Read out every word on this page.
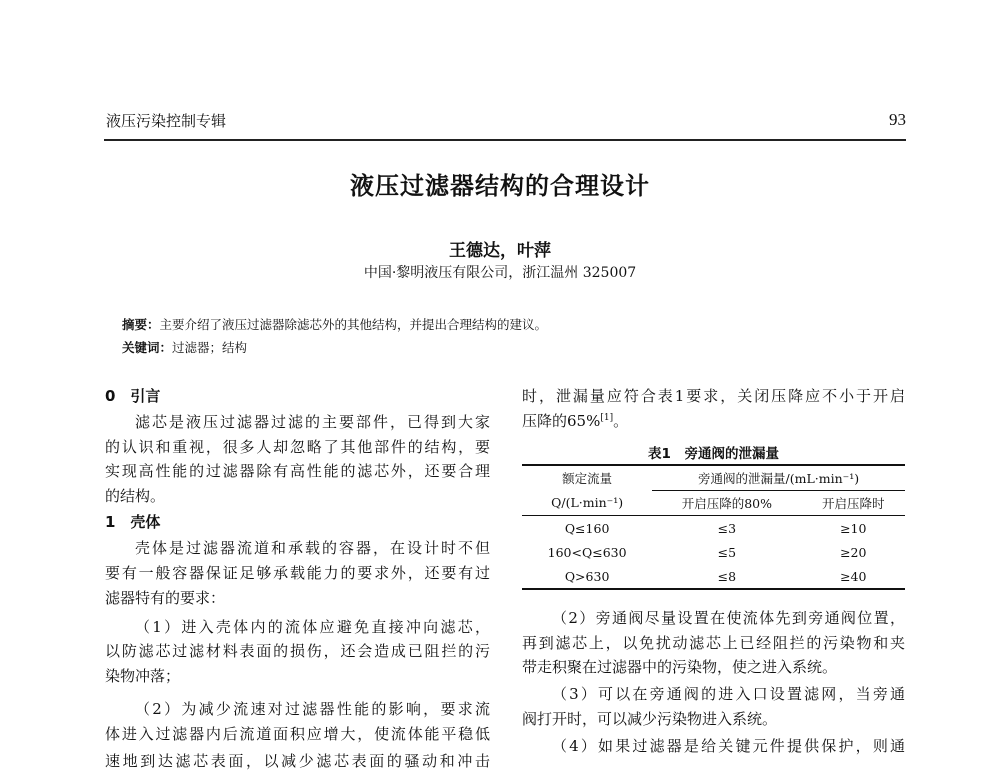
液压污染控制专辑	93
液压过滤器结构的合理设计
王德达，叶萍
中国·黎明液压有限公司，浙江温州 325007
摘要：主要介绍了液压过滤器除滤芯外的其他结构，并提出合理结构的建议。
关键词：过滤器；结构
0　引言
滤芯是液压过滤器过滤的主要部件，已得到大家
的认识和重视，很多人却忽略了其他部件的结构，要
实现高性能的过滤器除有高性能的滤芯外，还要合理
的结构。
1　壳体
壳体是过滤器流道和承载的容器，在设计时不但
要有一般容器保证足够承载能力的要求外，还要有过
滤器特有的要求：
（1）进入壳体内的流体应避免直接冲向滤芯，
以防滤芯过滤材料表面的损伤，还会造成已阻拦的污
染物冲落；
（2）为减少流速对过滤器性能的影响，要求流
体进入过滤器内后流道面积应增大，使流体能平稳低
速地到达滤芯表面，以减少滤芯表面的骚动和冲击
时，泄漏量应符合表1要求，关闭压降应不小于开启
压降的65%[1]。
表1　旁通阀的泄漏量
额定流量	旁通阀的泄漏量/(mL·min⁻¹)	
Q/(L·min⁻¹)	开启压降的80%	开启压降时
Q≤160	≤3	≥10
160<Q≤630	≤5	≥20
Q>630	≤8	≥40
（2）旁通阀尽量设置在使流体先到旁通阀位置，
再到滤芯上，以免扰动滤芯上已经阻拦的污染物和夹
带走积聚在过滤器中的污染物，使之进入系统。
（3）可以在旁通阀的进入口设置滤网，当旁通
阀打开时，可以减少污染物进入系统。
（4）如果过滤器是给关键元件提供保护，则通
